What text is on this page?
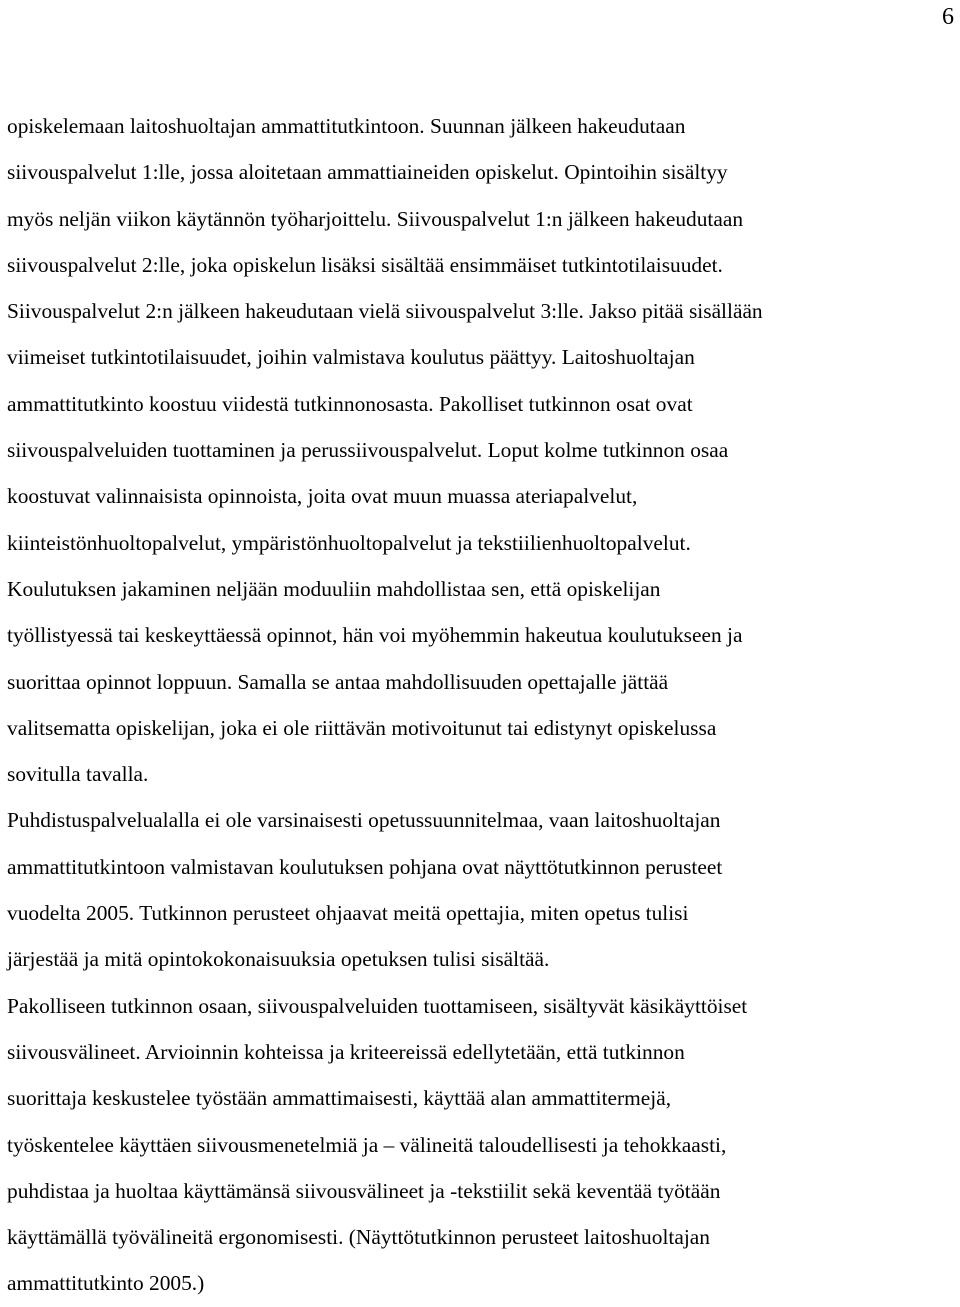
6

opiskelemaan laitoshuoltajan ammattitutkintoon. Suunnan jälkeen hakeudutaan
siivouspalvelut 1:lle, jossa aloitetaan ammattiaineiden opiskelut. Opintoihin sisältyy
myös neljän viikon käytännön työharjoittelu. Siivouspalvelut 1:n jälkeen hakeudutaan
siivouspalvelut 2:lle, joka opiskelun lisäksi sisältää ensimmäiset tutkintotilaisuudet.
Siivouspalvelut 2:n jälkeen hakeudutaan vielä siivouspalvelut 3:lle. Jakso pitää sisällään
viimeiset tutkintotilaisuudet, joihin valmistava koulutus päättyy. Laitoshuoltajan
ammattitutkinto koostuu viidestä tutkinnonosasta. Pakolliset tutkinnon osat ovat
siivouspalveluiden tuottaminen ja perussiivouspalvelut. Loput kolme tutkinnon osaa
koostuvat valinnaisista opinnoista, joita ovat muun muassa ateriapalvelut,
kiinteistönhuoltopalvelut, ympäristönhuoltopalvelut ja tekstiilienhuoltopalvelut.
Koulutuksen jakaminen neljään moduuliin mahdollistaa sen, että opiskelijan
työllistyessä tai keskeyttäessä opinnot, hän voi myöhemmin hakeutua koulutukseen ja
suorittaa opinnot loppuun. Samalla se antaa mahdollisuuden opettajalle jättää
valitsematta opiskelijan, joka ei ole riittävän motivoitunut tai edistynyt opiskelussa
sovitulla tavalla.

Puhdistuspalvelualalla ei ole varsinaisesti opetussuunnitelmaa, vaan laitoshuoltajan
ammattitutkintoon valmistavan koulutuksen pohjana ovat näyttötutkinnon perusteet
vuodelta 2005. Tutkinnon perusteet ohjaavat meitä opettajia, miten opetus tulisi
järjestää ja mitä opintokokonaisuuksia opetuksen tulisi sisältää.

Pakolliseen tutkinnon osaan, siivouspalveluiden tuottamiseen, sisältyvät käsikäyttöiset
siivousvälineet. Arvioinnin kohteissa ja kriteereissä edellytetään, että tutkinnon
suorittaja keskustelee työstään ammattimaisesti, käyttää alan ammattitermejä,
työskentelee käyttäen siivousmenetelmiä ja – välineitä taloudellisesti ja tehokkaasti,
puhdistaa ja huoltaa käyttämänsä siivousvälineet ja -tekstiilit sekä keventää työtään
käyttämällä työvälineitä ergonomisesti. (Näyttötutkinnon perusteet laitoshuoltajan
ammattitutkinto 2005.)
